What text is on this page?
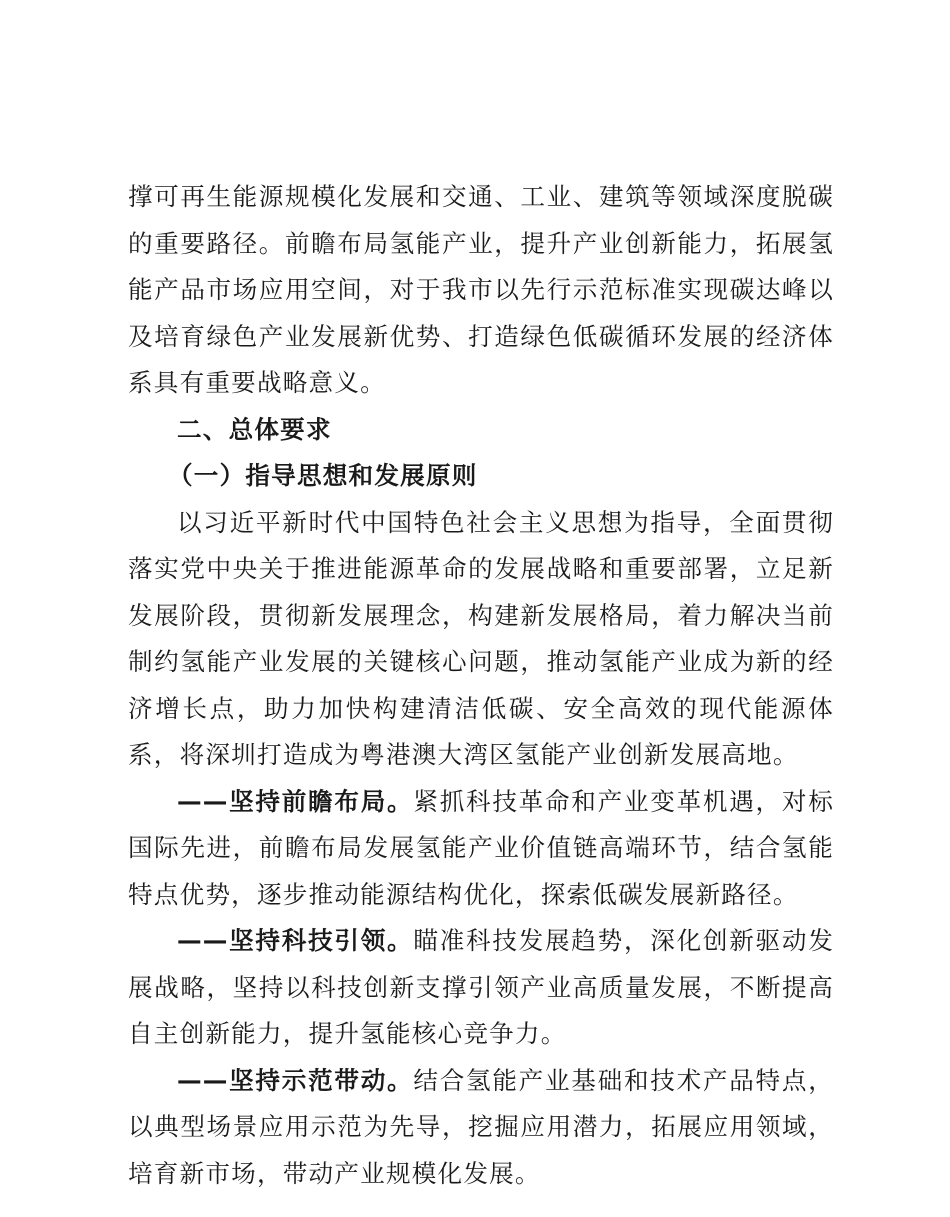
撑可再生能源规模化发展和交通、工业、建筑等领域深度脱碳的重要路径。前瞻布局氢能产业，提升产业创新能力，拓展氢能产品市场应用空间，对于我市以先行示范标准实现碳达峰以及培育绿色产业发展新优势、打造绿色低碳循环发展的经济体系具有重要战略意义。

二、总体要求

（一）指导思想和发展原则

以习近平新时代中国特色社会主义思想为指导，全面贯彻落实党中央关于推进能源革命的发展战略和重要部署，立足新发展阶段，贯彻新发展理念，构建新发展格局，着力解决当前制约氢能产业发展的关键核心问题，推动氢能产业成为新的经济增长点，助力加快构建清洁低碳、安全高效的现代能源体系，将深圳打造成为粤港澳大湾区氢能产业创新发展高地。

——坚持前瞻布局。紧抓科技革命和产业变革机遇，对标国际先进，前瞻布局发展氢能产业价值链高端环节，结合氢能特点优势，逐步推动能源结构优化，探索低碳发展新路径。

——坚持科技引领。瞄准科技发展趋势，深化创新驱动发展战略，坚持以科技创新支撑引领产业高质量发展，不断提高自主创新能力，提升氢能核心竞争力。

——坚持示范带动。结合氢能产业基础和技术产品特点，以典型场景应用示范为先导，挖掘应用潜力，拓展应用领域，培育新市场，带动产业规模化发展。
